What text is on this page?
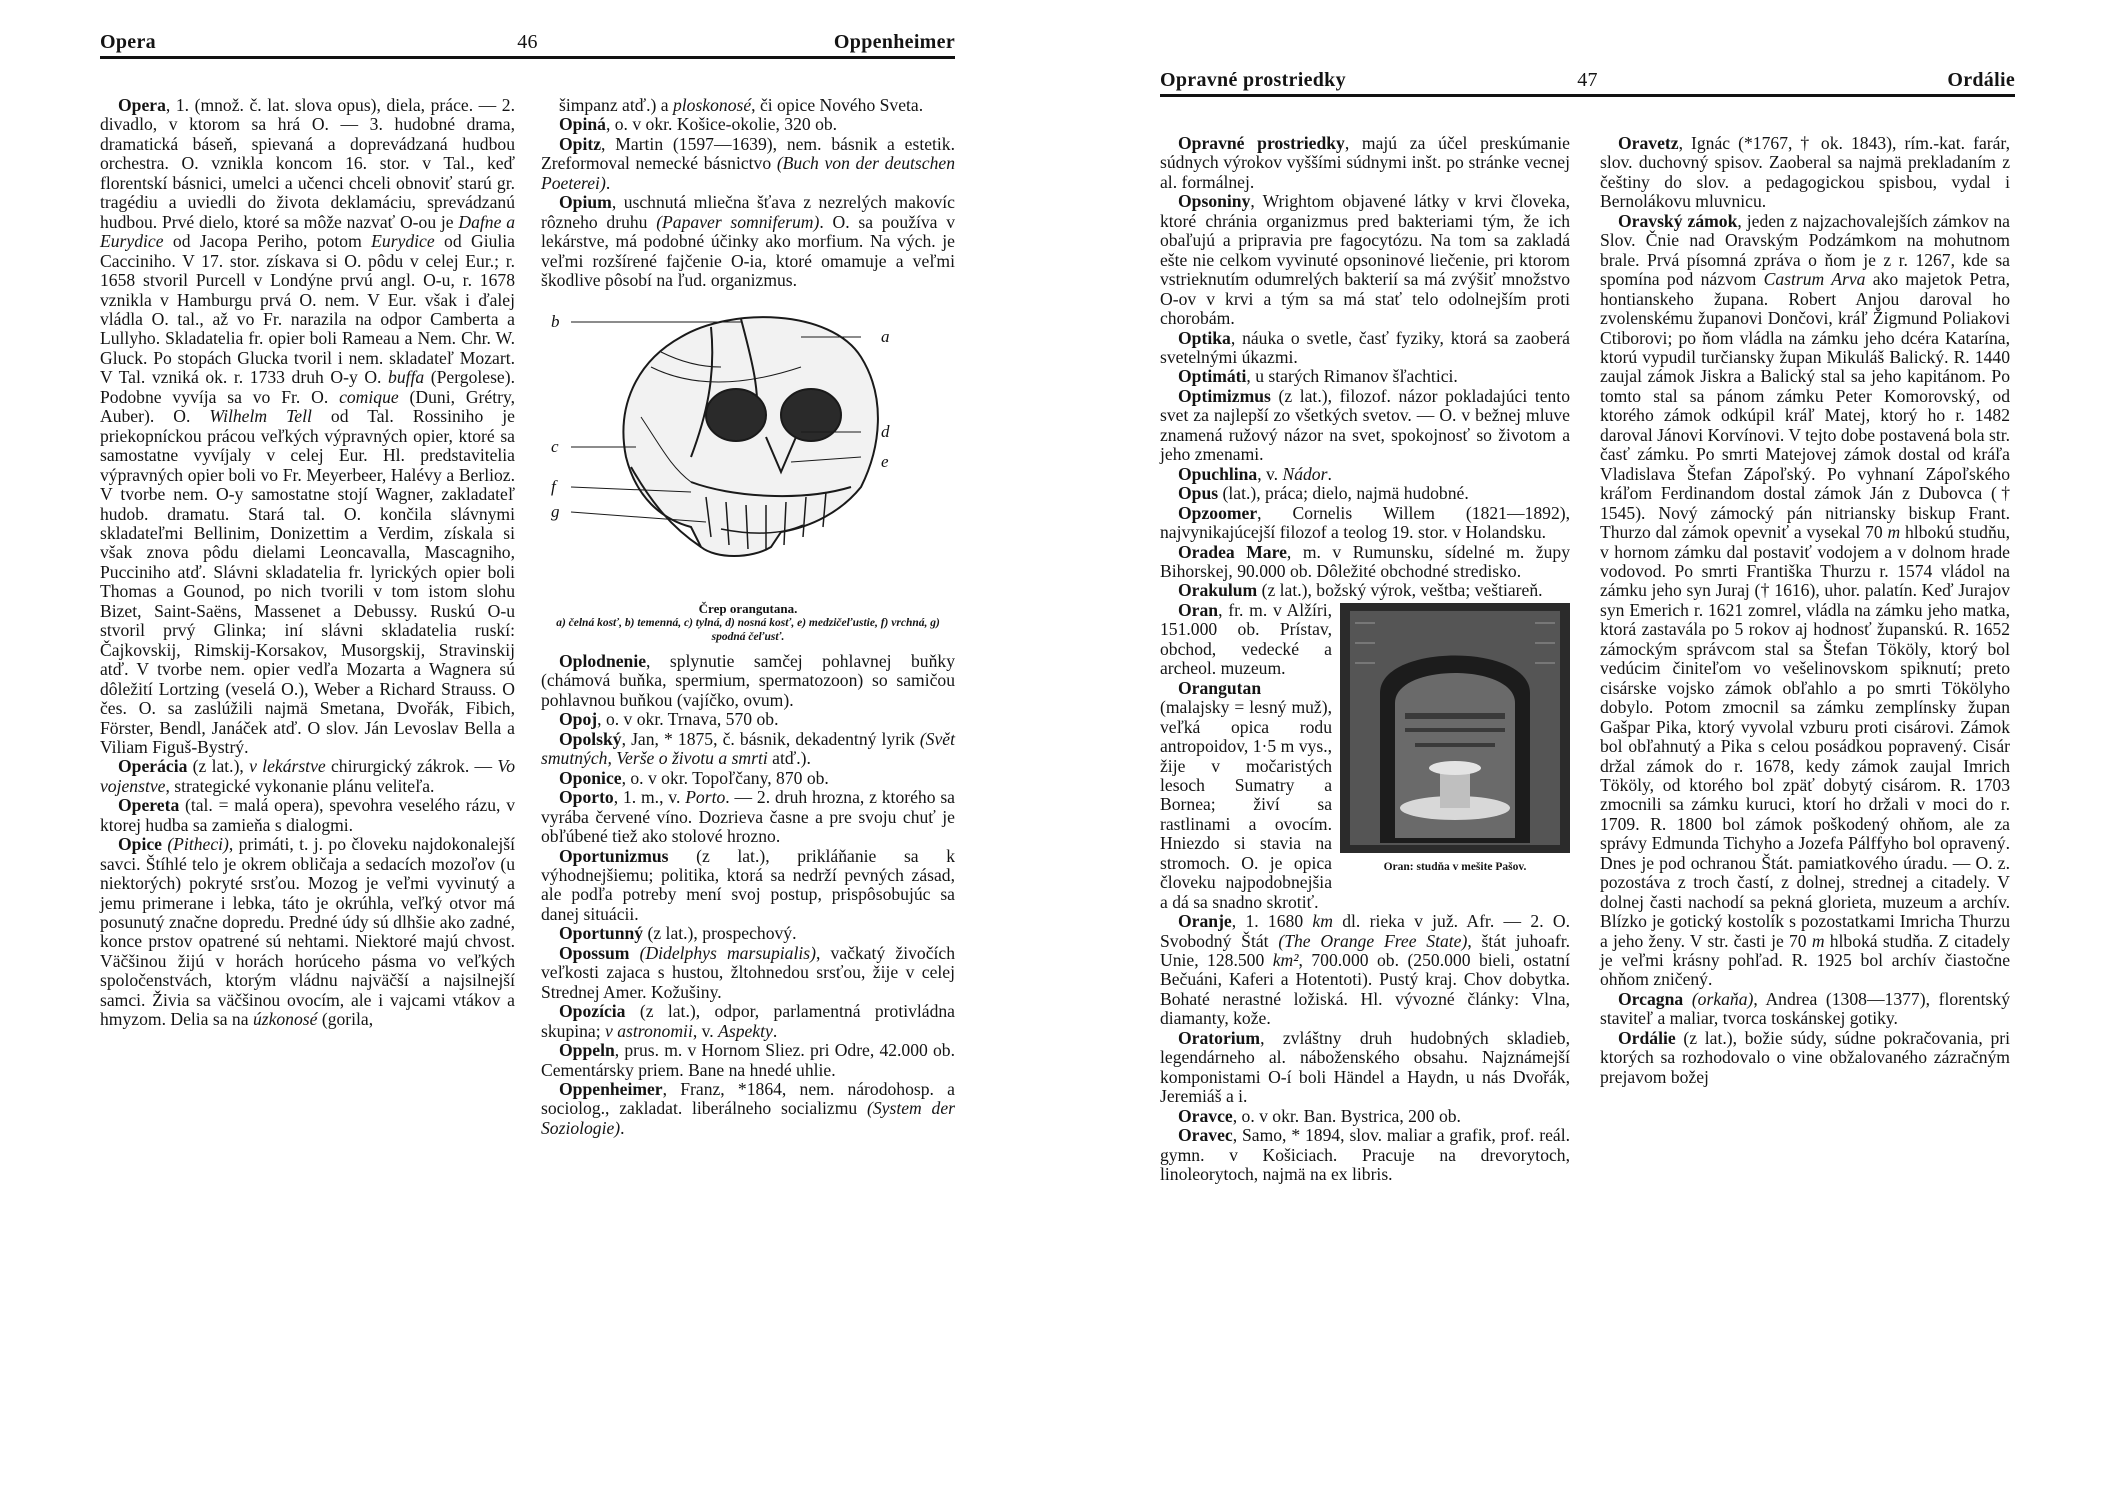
Opera	46	Oppenheimer

Opera, 1. (množ. č. lat. slova opus), diela, práce. — 2. divadlo, v ktorom sa hrá O. — 3. hudobné drama, dramatická báseň, spievaná a doprevádzaná hudbou orchestra. O. vznikla koncom 16. stor. v Tal., keď florentskí básnici, umelci a učenci chceli obnoviť starú gr. tragédiu a uviedli do života deklamáciu, sprevádzanú hudbou. Prvé dielo, ktoré sa môže nazvať O-ou je Dafne a Eurydice od Jacopa Periho, potom Eurydice od Giulia Cacciniho. V 17. stor. získava si O. pôdu v celej Eur.; r. 1658 stvoril Purcell v Londýne prvú angl. O-u, r. 1678 vznikla v Hamburgu prvá O. nem. V Eur. však i ďalej vládla O. tal., až vo Fr. narazila na odpor Camberta a Lullyho. Skladatelia fr. opier boli Rameau a Nem. Chr. W. Gluck. Po stopách Glucka tvoril i nem. skladateľ Mozart. V Tal. vzniká ok. r. 1733 druh O-y O. buffa (Pergolese). Podobne vyvíja sa vo Fr. O. comique (Duni, Grétry, Auber). O. Wilhelm Tell od Tal. Rossiniho je priekopníckou prácou veľkých výpravných opier, ktoré sa samostatne vyvíjaly v celej Eur. Hl. predstavitelia výpravných opier boli vo Fr. Meyerbeer, Halévy a Berlioz. V tvorbe nem. O-y samostatne stojí Wagner, zakladateľ hudob. dramatu. Stará tal. O. končila slávnymi skladateľmi Bellinim, Donizettim a Verdim, získala si však znova pôdu dielami Leoncavalla, Mascagniho, Pucciniho atď. Slávni skladatelia fr. lyrických opier boli Thomas a Gounod, po nich tvorili v tom istom slohu Bizet, Saint-Saëns, Massenet a Debussy. Ruskú O-u stvoril prvý Glinka; iní slávni skladatelia ruskí: Čajkovskij, Rimskij-Korsakov, Musorgskij, Stravinskij atď. V tvorbe nem. opier vedľa Mozarta a Wagnera sú dôležití Lortzing (veselá O.), Weber a Richard Strauss. O čes. O. sa zaslúžili najmä Smetana, Dvořák, Fibich, Förster, Bendl, Janáček atď. O slov. Ján Levoslav Bella a Viliam Figuš-Bystrý.

Operácia (z lat.), v lekárstve chirurgický zákrok. — Vo vojenstve, strategické vykonanie plánu veliteľa.

Opereta (tal. = malá opera), spevohra veselého rázu, v ktorej hudba sa zamieňa s dialogmi.

Opice (Pitheci), primáti, t. j. po človeku najdokonalejší savci. Štíhlé telo je okrem obličaja a sedacích mozoľov (u niektorých) pokryté srsťou. Mozog je veľmi vyvinutý a jemu primerane i lebka, táto je okrúhla, veľký otvor má posunutý značne dopredu. Predné údy sú dlhšie ako zadné, konce prstov opatrené sú nehtami. Niektoré majú chvost. Väčšinou žijú v horách horúceho pásma vo veľkých spoločenstvách, ktorým vládnu najväčší a najsilnejší samci. Živia sa väčšinou ovocím, ale i vajcami vtákov a hmyzom. Delia sa na úzkonosé (gorila,

šimpanz atď.) a ploskonosé, či opice Nového Sveta.

Opiná, o. v okr. Košice-okolie, 320 ob.

Opitz, Martin (1597—1639), nem. básnik a estetik. Zreformoval nemecké básnictvo (Buch von der deutschen Poeterei).

Opium, uschnutá mliečna šťava z nezrelých makovíc rôzneho druhu (Papaver somniferum). O. sa používa v lekárstve, má podobné účinky ako morfium. Na vých. je veľmi rozšírené fajčenie O-ia, ktoré omamuje a veľmi škodlive pôsobí na ľud. organizmus.

a
b
c
d
e
f
g
Črep orangutana.
a) čelná kosť, b) temenná, c) tylná, d) nosná kosť, e) medzičeľustie, f) vrchná, g) spodná čeľusť.

Oplodnenie, splynutie samčej pohlavnej buňky (chámová buňka, spermium, spermatozoon) so samičou pohlavnou buňkou (vajíčko, ovum).

Opoj, o. v okr. Trnava, 570 ob.

Opolský, Jan, * 1875, č. básnik, dekadentný lyrik (Svět smutných, Verše o životu a smrti atď.).

Oponice, o. v okr. Topoľčany, 870 ob.

Oporto, 1. m., v. Porto. — 2. druh hrozna, z ktorého sa vyrába červené víno. Dozrieva časne a pre svoju chuť je obľúbené tiež ako stolové hrozno.

Oportunizmus (z lat.), prikláňanie sa k výhodnejšiemu; politika, ktorá sa nedrží pevných zásad, ale podľa potreby mení svoj postup, prispôsobujúc sa danej situácii.

Oportunný (z lat.), prospechový.

Opossum (Didelphys marsupialis), vačkatý živočích veľkosti zajaca s hustou, žltohnedou srsťou, žije v celej Strednej Amer. Kožušiny.

Opozícia (z lat.), odpor, parlamentná protivládna skupina; v astronomii, v. Aspekty.

Oppeln, prus. m. v Hornom Sliez. pri Odre, 42.000 ob. Cementársky priem. Bane na hnedé uhlie.

Oppenheimer, Franz, *1864, nem. národohosp. a sociolog., zakladat. liberálneho socializmu (System der Soziologie).

Opravné prostriedky	47	Ordálie

Opravné prostriedky, majú za účel preskúmanie súdnych výrokov vyššími súdnymi inšt. po stránke vecnej al. formálnej.

Opsoniny, Wrightom objavené látky v krvi človeka, ktoré chránia organizmus pred bakteriami tým, že ich obaľujú a pripravia pre fagocytózu. Na tom sa zakladá ešte nie celkom vyvinuté opsoninové liečenie, pri ktorom vstrieknutím odumrelých bakterií sa má zvýšiť množstvo O-ov v krvi a tým sa má stať telo odolnejším proti chorobám.

Optika, náuka o svetle, časť fyziky, ktorá sa zaoberá svetelnými úkazmi.

Optimáti, u starých Rimanov šľachtici.

Optimizmus (z lat.), filozof. názor pokladajúci tento svet za najlepší zo všetkých svetov. — O. v bežnej mluve znamená ružový názor na svet, spokojnosť so životom a jeho zmenami.

Opuchlina, v. Nádor.

Opus (lat.), práca; dielo, najmä hudobné.

Opzoomer, Cornelis Willem (1821—1892), najvynikajúcejší filozof a teolog 19. stor. v Holandsku.

Oradea Mare, m. v Rumunsku, sídelné m. župy Bihorskej, 90.000 ob. Dôležité obchodné stredisko.

Orakulum (z lat.), božský výrok, veštba; veštiareň.

Oran: studňa v mešite Pašov.

Oran, fr. m. v Alžíri, 151.000 ob. Prístav, obchod, vedecké a archeol. muzeum.

Orangutan (malajsky = lesný muž), veľká opica rodu antropoidov, 1·5 m vys., žije v močaristých lesoch Sumatry a Bornea; živí sa rastlinami a ovocím. Hniezdo si stavia na stromoch. O. je opica človeku najpodobnejšia a dá sa snadno skrotiť.

Oranje, 1. 1680 km dl. rieka v juž. Afr. — 2. O. Svobodný Štát (The Orange Free State), štát juhoafr. Unie, 128.500 km², 700.000 ob. (250.000 bieli, ostatní Bečuáni, Kaferi a Hotentoti). Pustý kraj. Chov dobytka. Bohaté nerastné ložiská. Hl. vývozné články: Vlna, diamanty, kože.

Oratorium, zvláštny druh hudobných skladieb, legendárneho al. náboženského obsahu. Najznámejší komponistami O-í boli Händel a Haydn, u nás Dvořák, Jeremiáš a i.

Oravce, o. v okr. Ban. Bystrica, 200 ob.

Oravec, Samo, * 1894, slov. maliar a grafik, prof. reál. gymn. v Košiciach. Pracuje na drevorytoch, linoleorytoch, najmä na ex libris.

Oravetz, Ignác (*1767, † ok. 1843), rím.-kat. farár, slov. duchovný spisov. Zaoberal sa najmä prekladaním z češtiny do slov. a pedagogickou spisbou, vydal i Bernolákovu mluvnicu.

Oravský zámok, jeden z najzachovalejších zámkov na Slov. Čnie nad Oravským Podzámkom na mohutnom brale. Prvá písomná zpráva o ňom je z r. 1267, kde sa spomína pod názvom Castrum Arva ako majetok Petra, hontianskeho župana. Robert Anjou daroval ho zvolenskému županovi Dončovi, kráľ Žigmund Poliakovi Ctiborovi; po ňom vládla na zámku jeho dcéra Katarína, ktorú vypudil turčiansky župan Mikuláš Balický. R. 1440 zaujal zámok Jiskra a Balický stal sa jeho kapitánom. Po tomto stal sa pánom zámku Peter Komorovský, od ktorého zámok odkúpil kráľ Matej, ktorý ho r. 1482 daroval Jánovi Korvínovi. V tejto dobe postavená bola str. časť zámku. Po smrti Matejovej zámok dostal od kráľa Vladislava Štefan Zápoľský. Po vyhnaní Zápoľského kráľom Ferdinandom dostal zámok Ján z Dubovca († 1545). Nový zámocký pán nitriansky biskup Frant. Thurzo dal zámok opevniť a vysekal 70 m hlbokú studňu, v hornom zámku dal postaviť vodojem a v dolnom hrade vodovod. Po smrti Františka Thurzu r. 1574 vládol na zámku jeho syn Juraj († 1616), uhor. palatín. Keď Jurajov syn Emerich r. 1621 zomrel, vládla na zámku jeho matka, ktorá zastavála po 5 rokov aj hodnosť županskú. R. 1652 zámockým správcom stal sa Štefan Tököly, ktorý bol vedúcim činiteľom vo vešelinovskom spiknutí; preto cisárske vojsko zámok obľahlo a po smrti Tökölyho dobylo. Potom zmocnil sa zámku zemplínsky župan Gašpar Pika, ktorý vyvolal vzburu proti cisárovi. Zámok bol obľahnutý a Pika s celou posádkou popravený. Cisár držal zámok do r. 1678, kedy zámok zaujal Imrich Tököly, od ktorého bol zpäť dobytý cisárom. R. 1703 zmocnili sa zámku kuruci, ktorí ho držali v moci do r. 1709. R. 1800 bol zámok poškodený ohňom, ale za správy Edmunda Tichyho a Jozefa Pálffyho bol opravený. Dnes je pod ochranou Štát. pamiatkového úradu. — O. z. pozostáva z troch častí, z dolnej, strednej a citadely. V dolnej časti nachodí sa pekná glorieta, muzeum a archív. Blízko je gotický kostolík s pozostatkami Imricha Thurzu a jeho ženy. V str. časti je 70 m hlboká studňa. Z citadely je veľmi krásny pohľad. R. 1925 bol archív čiastočne ohňom zničený.

Orcagna (orkaňa), Andrea (1308—1377), florentský staviteľ a maliar, tvorca toskánskej gotiky.

Ordálie (z lat.), božie súdy, súdne pokračovania, pri ktorých sa rozhodovalo o vine obžalovaného zázračným prejavom božej
